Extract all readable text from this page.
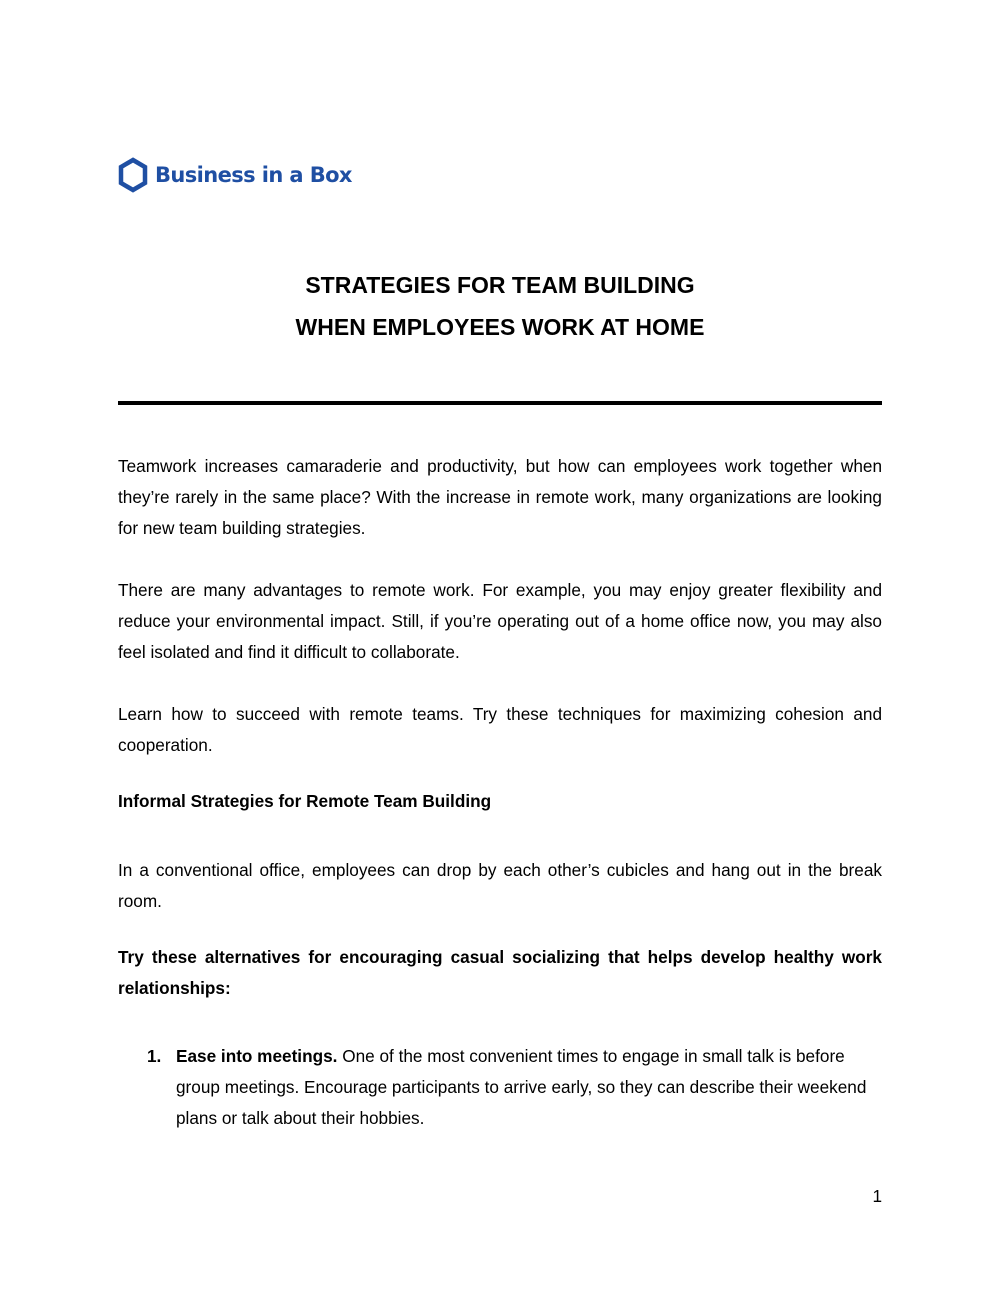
Business in a Box
STRATEGIES FOR TEAM BUILDING
WHEN EMPLOYEES WORK AT HOME

Teamwork increases camaraderie and productivity, but how can employees work together when they’re rarely in the same place? With the increase in remote work, many organizations are looking for new team building strategies.

There are many advantages to remote work. For example, you may enjoy greater flexibility and reduce your environmental impact. Still, if you’re operating out of a home office now, you may also feel isolated and find it difficult to collaborate.

Learn how to succeed with remote teams. Try these techniques for maximizing cohesion and cooperation.

Informal Strategies for Remote Team Building

In a conventional office, employees can drop by each other’s cubicles and hang out in the break room.

Try these alternatives for encouraging casual socializing that helps develop healthy work relationships:

1. Ease into meetings. One of the most convenient times to engage in small talk is before group meetings. Encourage participants to arrive early, so they can describe their weekend plans or talk about their hobbies.
1
